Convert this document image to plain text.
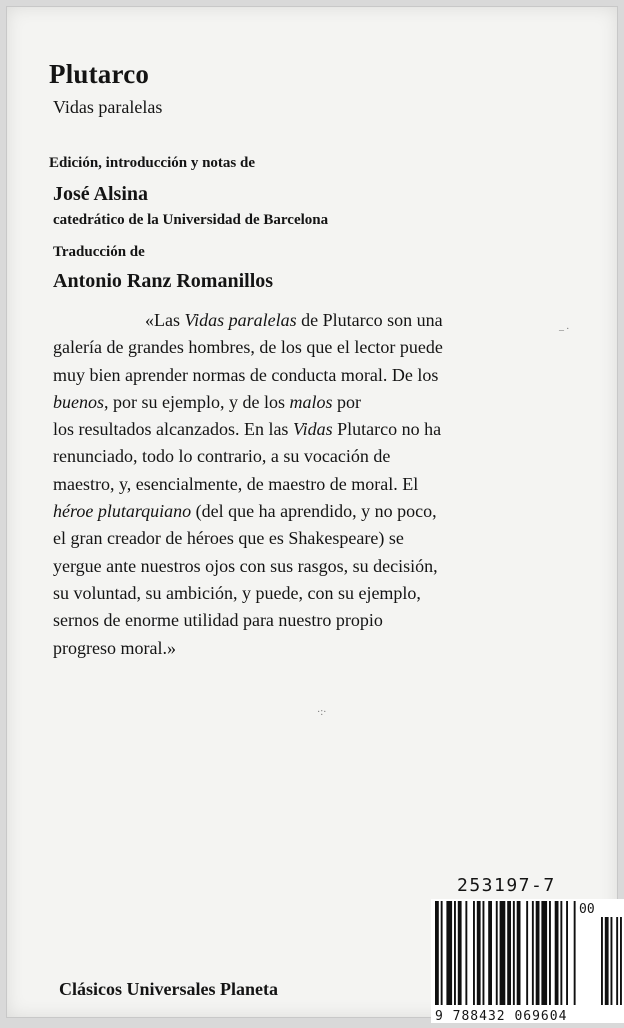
Plutarco
Vidas paralelas
Edición, introducción y notas de
José Alsina
catedrático de la Universidad de Barcelona
Traducción de
Antonio Ranz Romanillos
«Las Vidas paralelas de Plutarco son una
galería de grandes hombres, de los que el lector puede
muy bien aprender normas de conducta moral. De los
buenos, por su ejemplo, y de los malos por
los resultados alcanzados. En las Vidas Plutarco no ha
renunciado, todo lo contrario, a su vocación de
maestro, y, esencialmente, de maestro de moral. El
héroe plutarquiano (del que ha aprendido, y no poco,
el gran creador de héroes que es Shakespeare) se
yergue ante nuestros ojos con sus rasgos, su decisión,
su voluntad, su ambición, y puede, con su ejemplo,
sernos de enorme utilidad para nuestro propio
progreso moral.»
_ .
·:·
253197-7
00
9 788432 069604
Clásicos Universales Planeta
